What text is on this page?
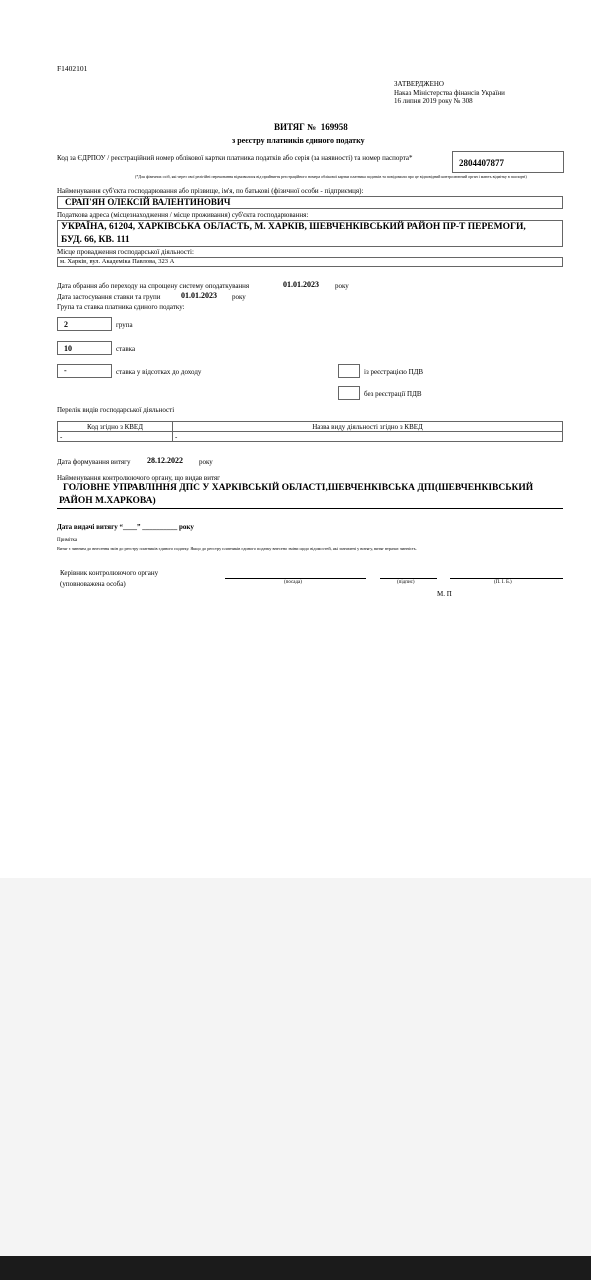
F1402101
ЗАТВЕРДЖЕНО
Наказ Міністерства фінансів України
16 липня 2019 року № 308
ВИТЯГ № 169958
з реєстру платників єдиного податку
Код за ЄДРПОУ / реєстраційний номер облікової картки платника податків або серія (за наявності) та номер паспорта*	2804407877
(*Для фізичних осіб, які через свої релігійні переконання відмовилися від прийняття реєстраційного номера облікової картки платника податків та повідомили про це відповідний контролюючий орган і мають відмітку в паспорті)
Найменування суб'єкта господарювання або прізвище, ім'я, по батькові (фізичної особи - підприємця):
СРАП'ЯН ОЛЕКСІЙ ВАЛЕНТИНОВИЧ
Податкова адреса (місцезнаходження / місце проживання) суб'єкта господарювання:
УКРАЇНА, 61204, ХАРКІВСЬКА ОБЛАСТЬ, М. ХАРКІВ, ШЕВЧЕНКІВСЬКИЙ РАЙОН ПР-Т ПЕРЕМОГИ,
БУД. 66, КВ. 111
Місце провадження господарської діяльності:
м. Харків, вул. Академіка Павлова, 323 А
Дата обрання або переходу на спрощену систему оподаткування	01.01.2023 року
Дата застосування ставки та групи	01.01.2023 року
Група та ставка платника єдиного податку:
2	група
10	ставка
-	ставка у відсотках до доходу	із реєстрацією ПДВ
без реєстрації ПДВ
Перелік видів господарської діяльності
Код згідно з КВЕД	Назва виду діяльності згідно з КВЕД
-	-
Дата формування витягу 28.12.2022 року
Найменування контролюючого органу, що видав витяг
ГОЛОВНЕ УПРАВЛІННЯ ДПС У ХАРКІВСЬКІЙ ОБЛАСТІ,ШЕВЧЕНКІВСЬКА ДПІ(ШЕВЧЕНКІВСЬКИЙ
РАЙОН М.ХАРКОВА)
Дата видачі витягу “____” __________ року
Примітка
Витяг є чинним до внесення змін до реєстру платників єдиного податку. Якщо до реєстру платників єдиного податку внесено зміни щодо відомостей, які зазначені у витягу, витяг втрачає чинність.
Керівник контролюючого органу
(уповноважена особа)	(посада)	(підпис)	(П. І. Б.)
М. П
